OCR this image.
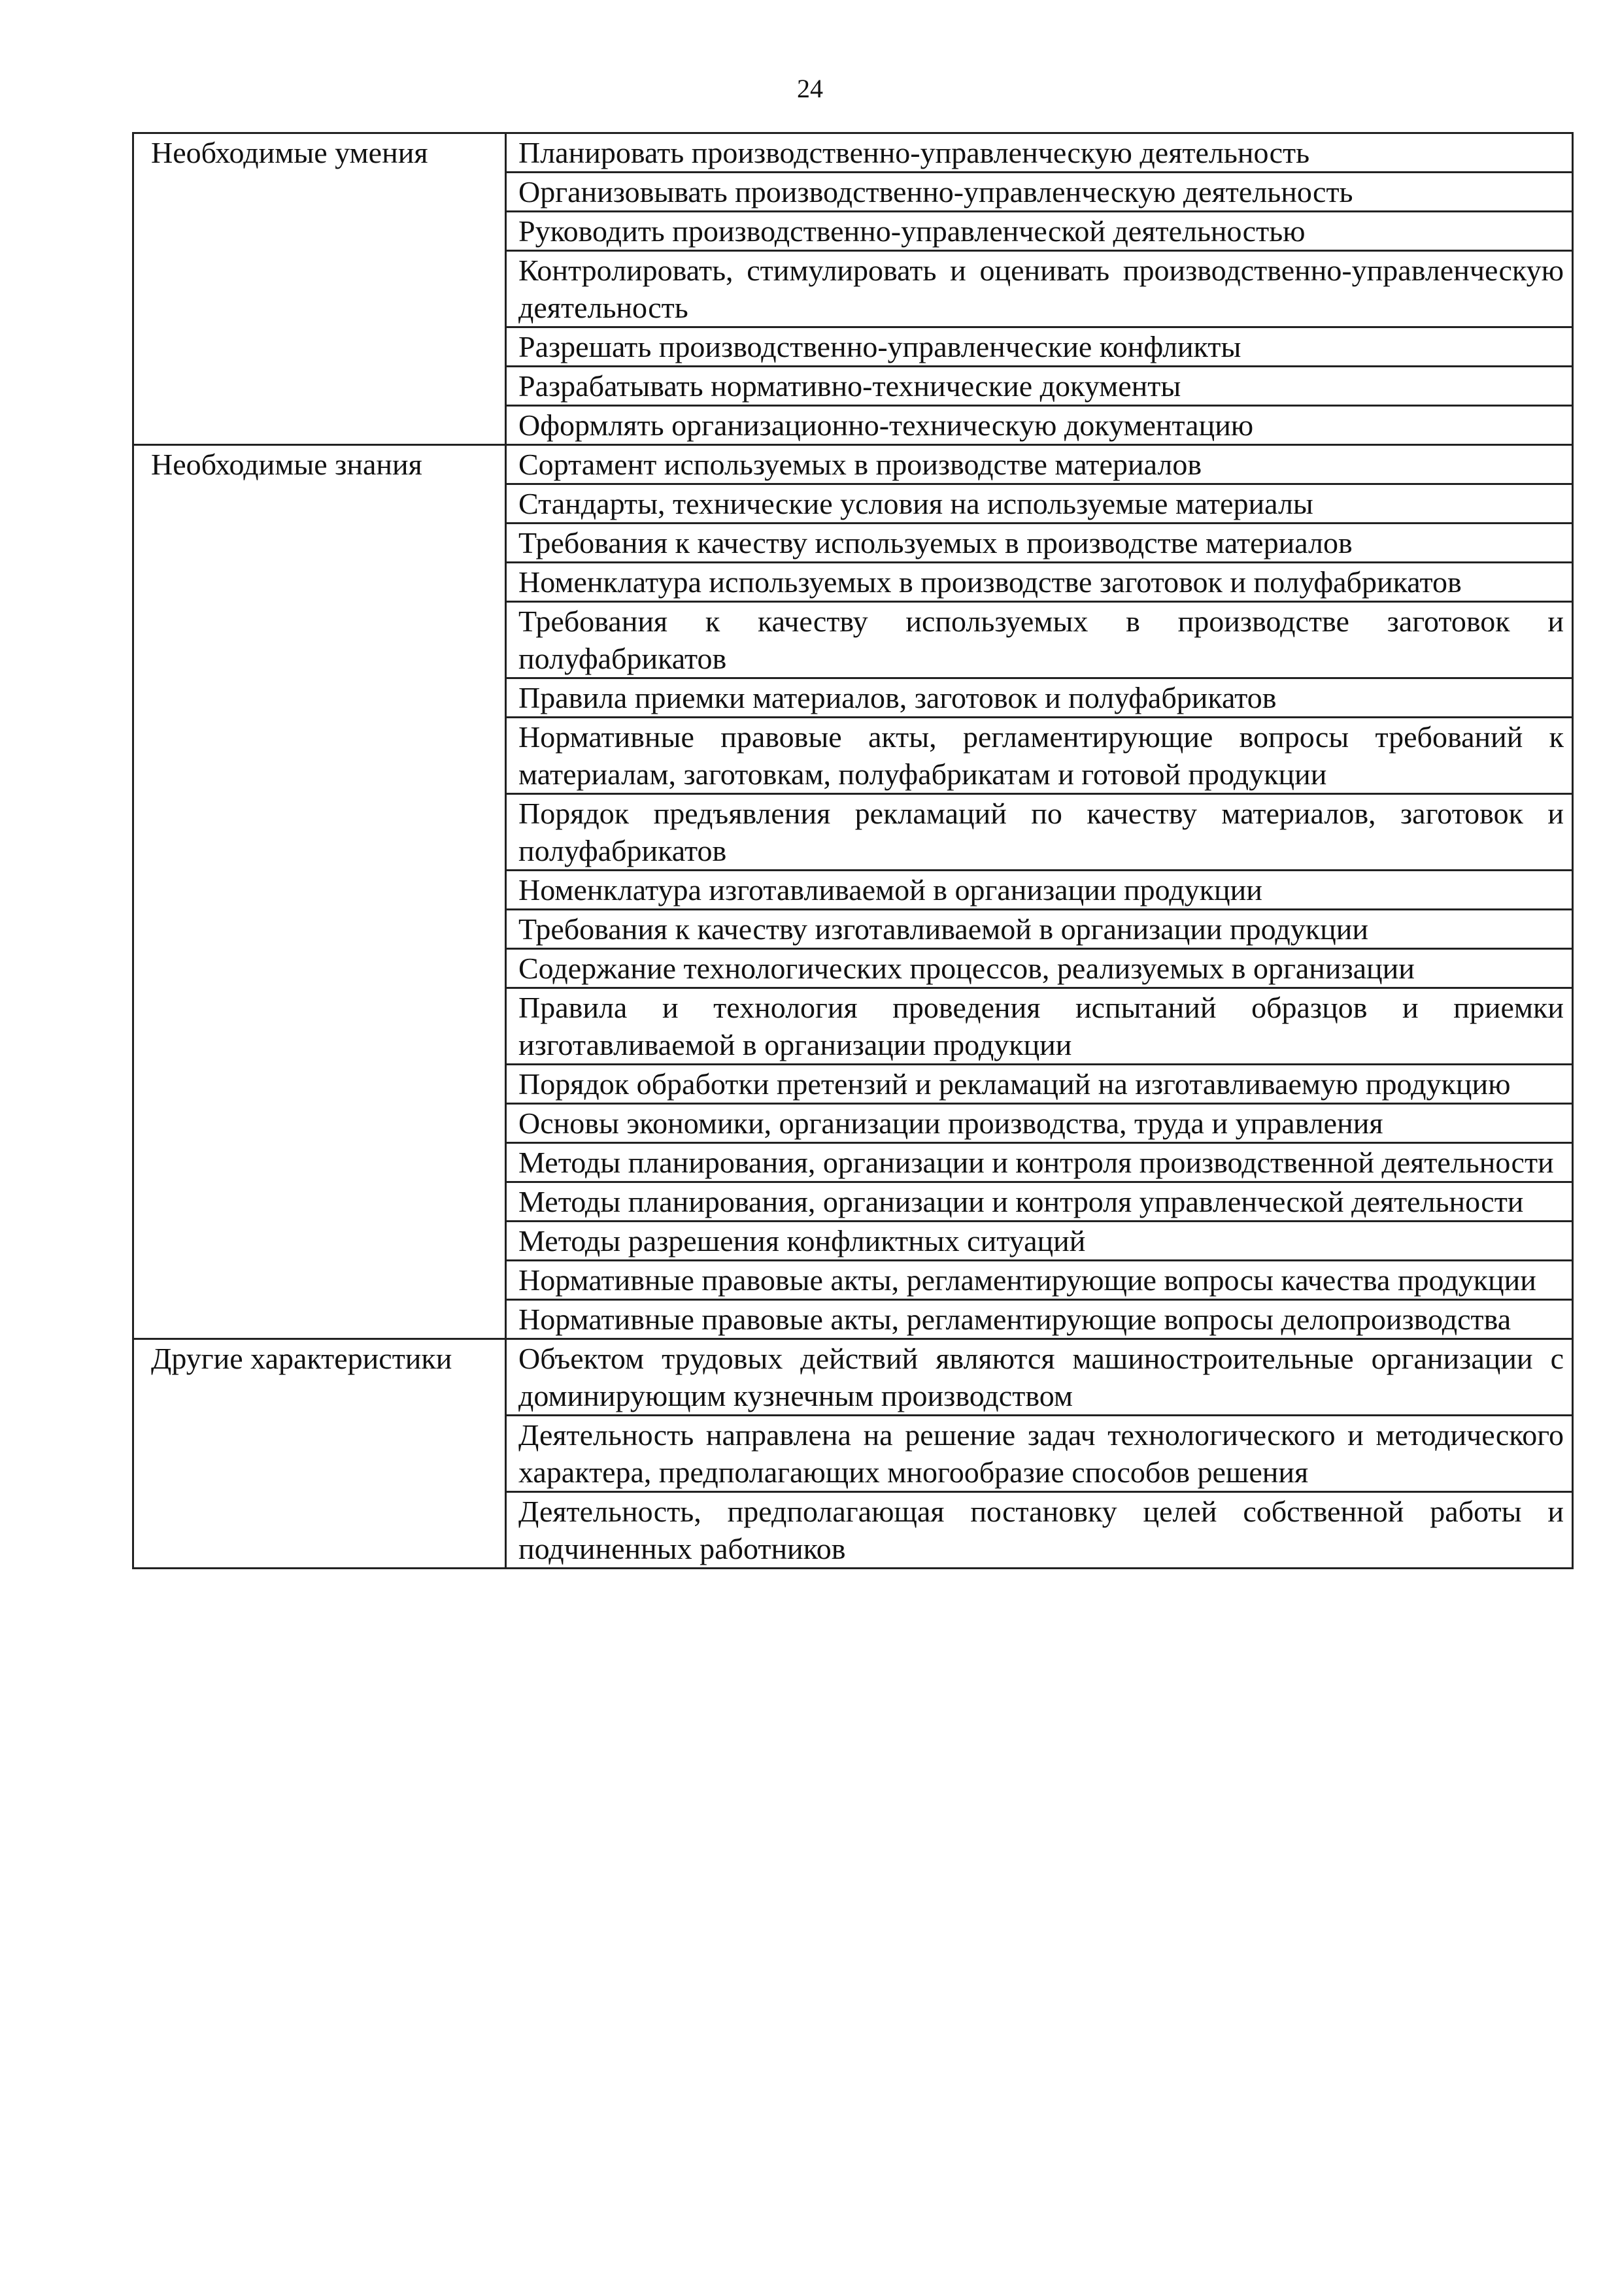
24
Необходимые умения	Планировать производственно-управленческую деятельность
	Организовывать производственно-управленческую деятельность
	Руководить производственно-управленческой деятельностью
	Контролировать, стимулировать и оценивать производственно-управленческую деятельность
	Разрешать производственно-управленческие конфликты
	Разрабатывать нормативно-технические документы
	Оформлять организационно-техническую документацию
Необходимые знания	Сортамент используемых в производстве материалов
	Стандарты, технические условия на используемые материалы
	Требования к качеству используемых в производстве материалов
	Номенклатура используемых в производстве заготовок и полуфабрикатов
	Требования к качеству используемых в производстве заготовок и полуфабрикатов
	Правила приемки материалов, заготовок и полуфабрикатов
	Нормативные правовые акты, регламентирующие вопросы требований к материалам, заготовкам, полуфабрикатам и готовой продукции
	Порядок предъявления рекламаций по качеству материалов, заготовок и полуфабрикатов
	Номенклатура изготавливаемой в организации продукции
	Требования к качеству изготавливаемой в организации продукции
	Содержание технологических процессов, реализуемых в организации
	Правила и технология проведения испытаний образцов и приемки изготавливаемой в организации продукции
	Порядок обработки претензий и рекламаций на изготавливаемую продукцию
	Основы экономики, организации производства, труда и управления
	Методы планирования, организации и контроля производственной деятельности
	Методы планирования, организации и контроля управленческой деятельности
	Методы разрешения конфликтных ситуаций
	Нормативные правовые акты, регламентирующие вопросы качества продукции
	Нормативные правовые акты, регламентирующие вопросы делопроизводства
Другие характеристики	Объектом трудовых действий являются машиностроительные организации с доминирующим кузнечным производством
	Деятельность направлена на решение задач технологического и методического характера, предполагающих многообразие способов решения
	Деятельность, предполагающая постановку целей собственной работы и подчиненных работников
